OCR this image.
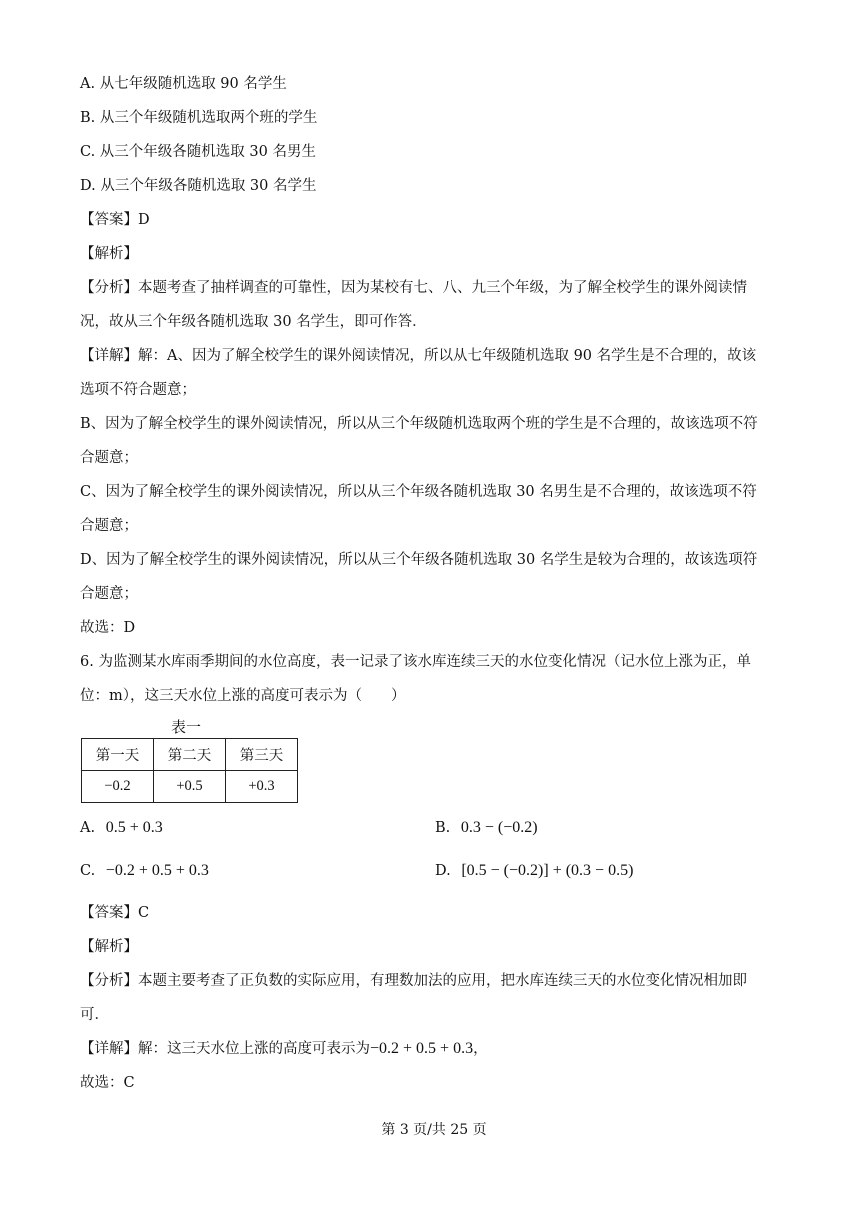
A. 从七年级随机选取 90 名学生
B. 从三个年级随机选取两个班的学生
C. 从三个年级各随机选取 30 名男生
D. 从三个年级各随机选取 30 名学生
【答案】D
【解析】
【分析】本题考查了抽样调查的可靠性，因为某校有七、八、九三个年级，为了解全校学生的课外阅读情
况，故从三个年级各随机选取 30 名学生，即可作答．
【详解】解：A、因为了解全校学生的课外阅读情况，所以从七年级随机选取 90 名学生是不合理的，故该
选项不符合题意；
B、因为了解全校学生的课外阅读情况，所以从三个年级随机选取两个班的学生是不合理的，故该选项不符
合题意；
C、因为了解全校学生的课外阅读情况，所以从三个年级各随机选取 30 名男生是不合理的，故该选项不符
合题意；
D、因为了解全校学生的课外阅读情况，所以从三个年级各随机选取 30 名学生是较为合理的，故该选项符
合题意；
故选：D
6. 为监测某水库雨季期间的水位高度，表一记录了该水库连续三天的水位变化情况（记水位上涨为正，单
位：m），这三天水位上涨的高度可表示为（　　）
表一
第一天	第二天	第三天
−0.2	+0.5	+0.3
A. 0.5 + 0.3	B. 0.3 − (−0.2)
C. −0.2 + 0.5 + 0.3	D. [0.5 − (−0.2)] + (0.3 − 0.5)
【答案】C
【解析】
【分析】本题主要考查了正负数的实际应用，有理数加法的应用，把水库连续三天的水位变化情况相加即
可．
【详解】解：这三天水位上涨的高度可表示为−0.2 + 0.5 + 0.3，
故选：C
第 3 页/共 25 页
